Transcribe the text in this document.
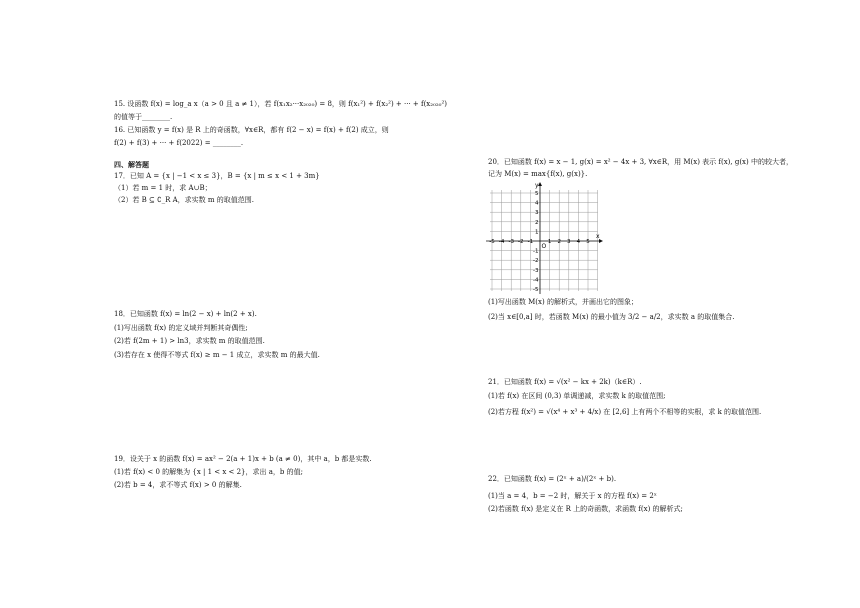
15. 设函数 f(x) = log_a x（a > 0 且 a ≠ 1），若 f(x₁x₂···x₂₀₂₀) = 8，则 f(x₁²) + f(x₂²) + ··· + f(x₂₀₂₀²)
的值等于________.
16. 已知函数 y = f(x) 是 R 上的奇函数，∀x∈R，都有 f(2 − x) = f(x) + f(2) 成立，则
f(2) + f(3) + ··· + f(2022) = ________.
四、解答题
17．已知 A = {x | −1 < x ≤ 3}，B = {x | m ≤ x < 1 + 3m}
（1）若 m = 1 时，求 A∪B；
（2）若 B ⊆ ∁_R A，求实数 m 的取值范围.
18．已知函数 f(x) = ln(2 − x) + ln(2 + x).
(1)写出函数 f(x) 的定义域并判断其奇偶性;
(2)若 f(2m + 1) > ln3，求实数 m 的取值范围.
(3)若存在 x 使得不等式 f(x) ≥ m − 1 成立，求实数 m 的最大值.
19．设关于 x 的函数 f(x) = ax² − 2(a + 1)x + b (a ≠ 0)，其中 a，b 都是实数.
(1)若 f(x) < 0 的解集为 {x | 1 < x < 2}，求出 a，b 的值;
(2)若 b = 4，求不等式 f(x) > 0 的解集.
20．已知函数 f(x) = x − 1, g(x) = x² − 4x + 3, ∀x∈R，用 M(x) 表示 f(x), g(x) 中的较大者，
记为 M(x) = max{f(x), g(x)}.
x
y
O
-5 -4 -3 -2 -1	1 2 3 4 5
5
4
3
2
1
-1
-2
-3
-4
-5
(1)写出函数 M(x) 的解析式，并画出它的图象；
(2)当 x∈[0,a] 时，若函数 M(x) 的最小值为 3/2 − a/2，求实数 a 的取值集合.
21．已知函数 f(x) = √(x² − kx + 2k)（k∈R）.
(1)若 f(x) 在区间 (0,3) 单调递减，求实数 k 的取值范围;
(2)若方程 f(x²) = √(x⁴ + x³ + 4/x) 在 [2,6] 上有两个不相等的实根，求 k 的取值范围.
22．已知函数 f(x) = (2ˣ + a)/(2ˣ + b).
(1)当 a = 4，b = −2 时，解关于 x 的方程 f(x) = 2ˣ
(2)若函数 f(x) 是定义在 R 上的奇函数，求函数 f(x) 的解析式;
